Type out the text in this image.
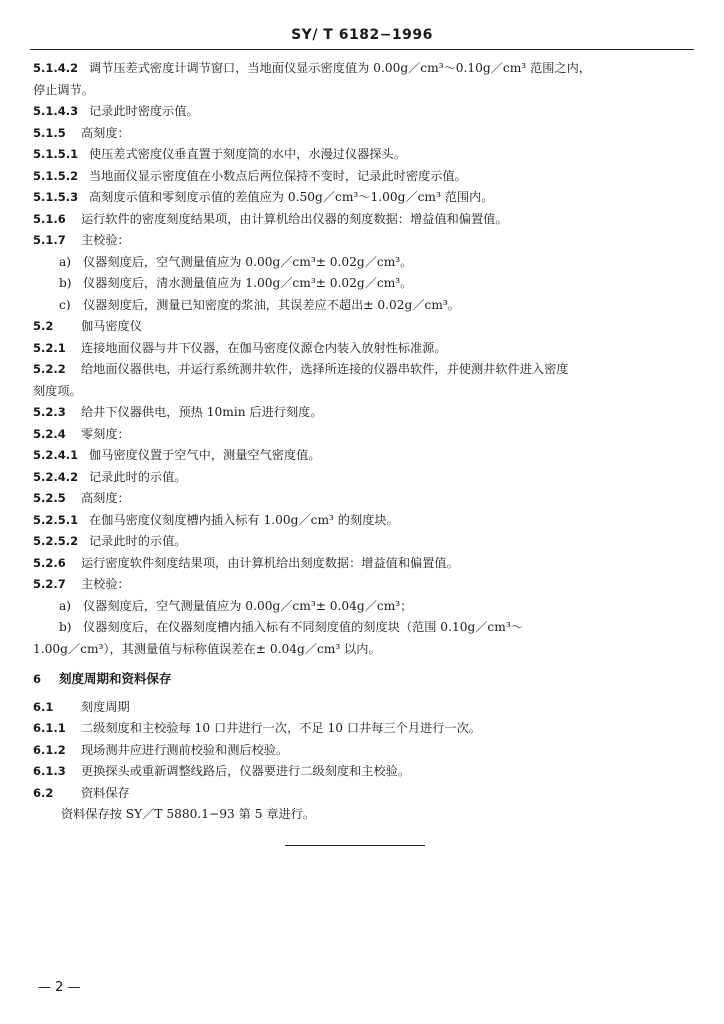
SY/ T 6182−1996
5.1.4.2 调节压差式密度计调节窗口，当地面仪显示密度值为 0.00g／cm³～0.10g／cm³ 范围之内，
停止调节。
5.1.4.3 记录此时密度示值。
5.1.5 高刻度：
5.1.5.1 使压差式密度仪垂直置于刻度筒的水中，水漫过仪器探头。
5.1.5.2 当地面仪显示密度值在小数点后两位保持不变时，记录此时密度示值。
5.1.5.3 高刻度示值和零刻度示值的差值应为 0.50g／cm³～1.00g／cm³ 范围内。
5.1.6 运行软件的密度刻度结果项，由计算机给出仪器的刻度数据：增益值和偏置值。
5.1.7 主校验：
a) 仪器刻度后，空气测量值应为 0.00g／cm³± 0.02g／cm³。
b) 仪器刻度后，清水测量值应为 1.00g／cm³± 0.02g／cm³。
c) 仪器刻度后，测量已知密度的浆油，其误差应不超出± 0.02g／cm³。
5.2 伽马密度仪
5.2.1 连接地面仪器与井下仪器，在伽马密度仪源仓内装入放射性标准源。
5.2.2 给地面仪器供电，并运行系统测井软件，选择所连接的仪器串软件，并使测井软件进入密度
刻度项。
5.2.3 给井下仪器供电，预热 10min 后进行刻度。
5.2.4 零刻度：
5.2.4.1 伽马密度仪置于空气中，测量空气密度值。
5.2.4.2 记录此时的示值。
5.2.5 高刻度：
5.2.5.1 在伽马密度仪刻度槽内插入标有 1.00g／cm³ 的刻度块。
5.2.5.2 记录此时的示值。
5.2.6 运行密度软件刻度结果项，由计算机给出刻度数据：增益值和偏置值。
5.2.7 主校验：
a) 仪器刻度后，空气测量值应为 0.00g／cm³± 0.04g／cm³；
b) 仪器刻度后，在仪器刻度槽内插入标有不同刻度值的刻度块（范围 0.10g／cm³～
1.00g／cm³），其测量值与标称值误差在± 0.04g／cm³ 以内。
6 刻度周期和资料保存
6.1 刻度周期
6.1.1 二级刻度和主校验每 10 口井进行一次，不足 10 口井每三个月进行一次。
6.1.2 现场测井应进行测前校验和测后校验。
6.1.3 更换探头或重新调整线路后，仪器要进行二级刻度和主校验。
6.2 资料保存
资料保存按 SY／T 5880.1−93 第 5 章进行。
— 2 —
